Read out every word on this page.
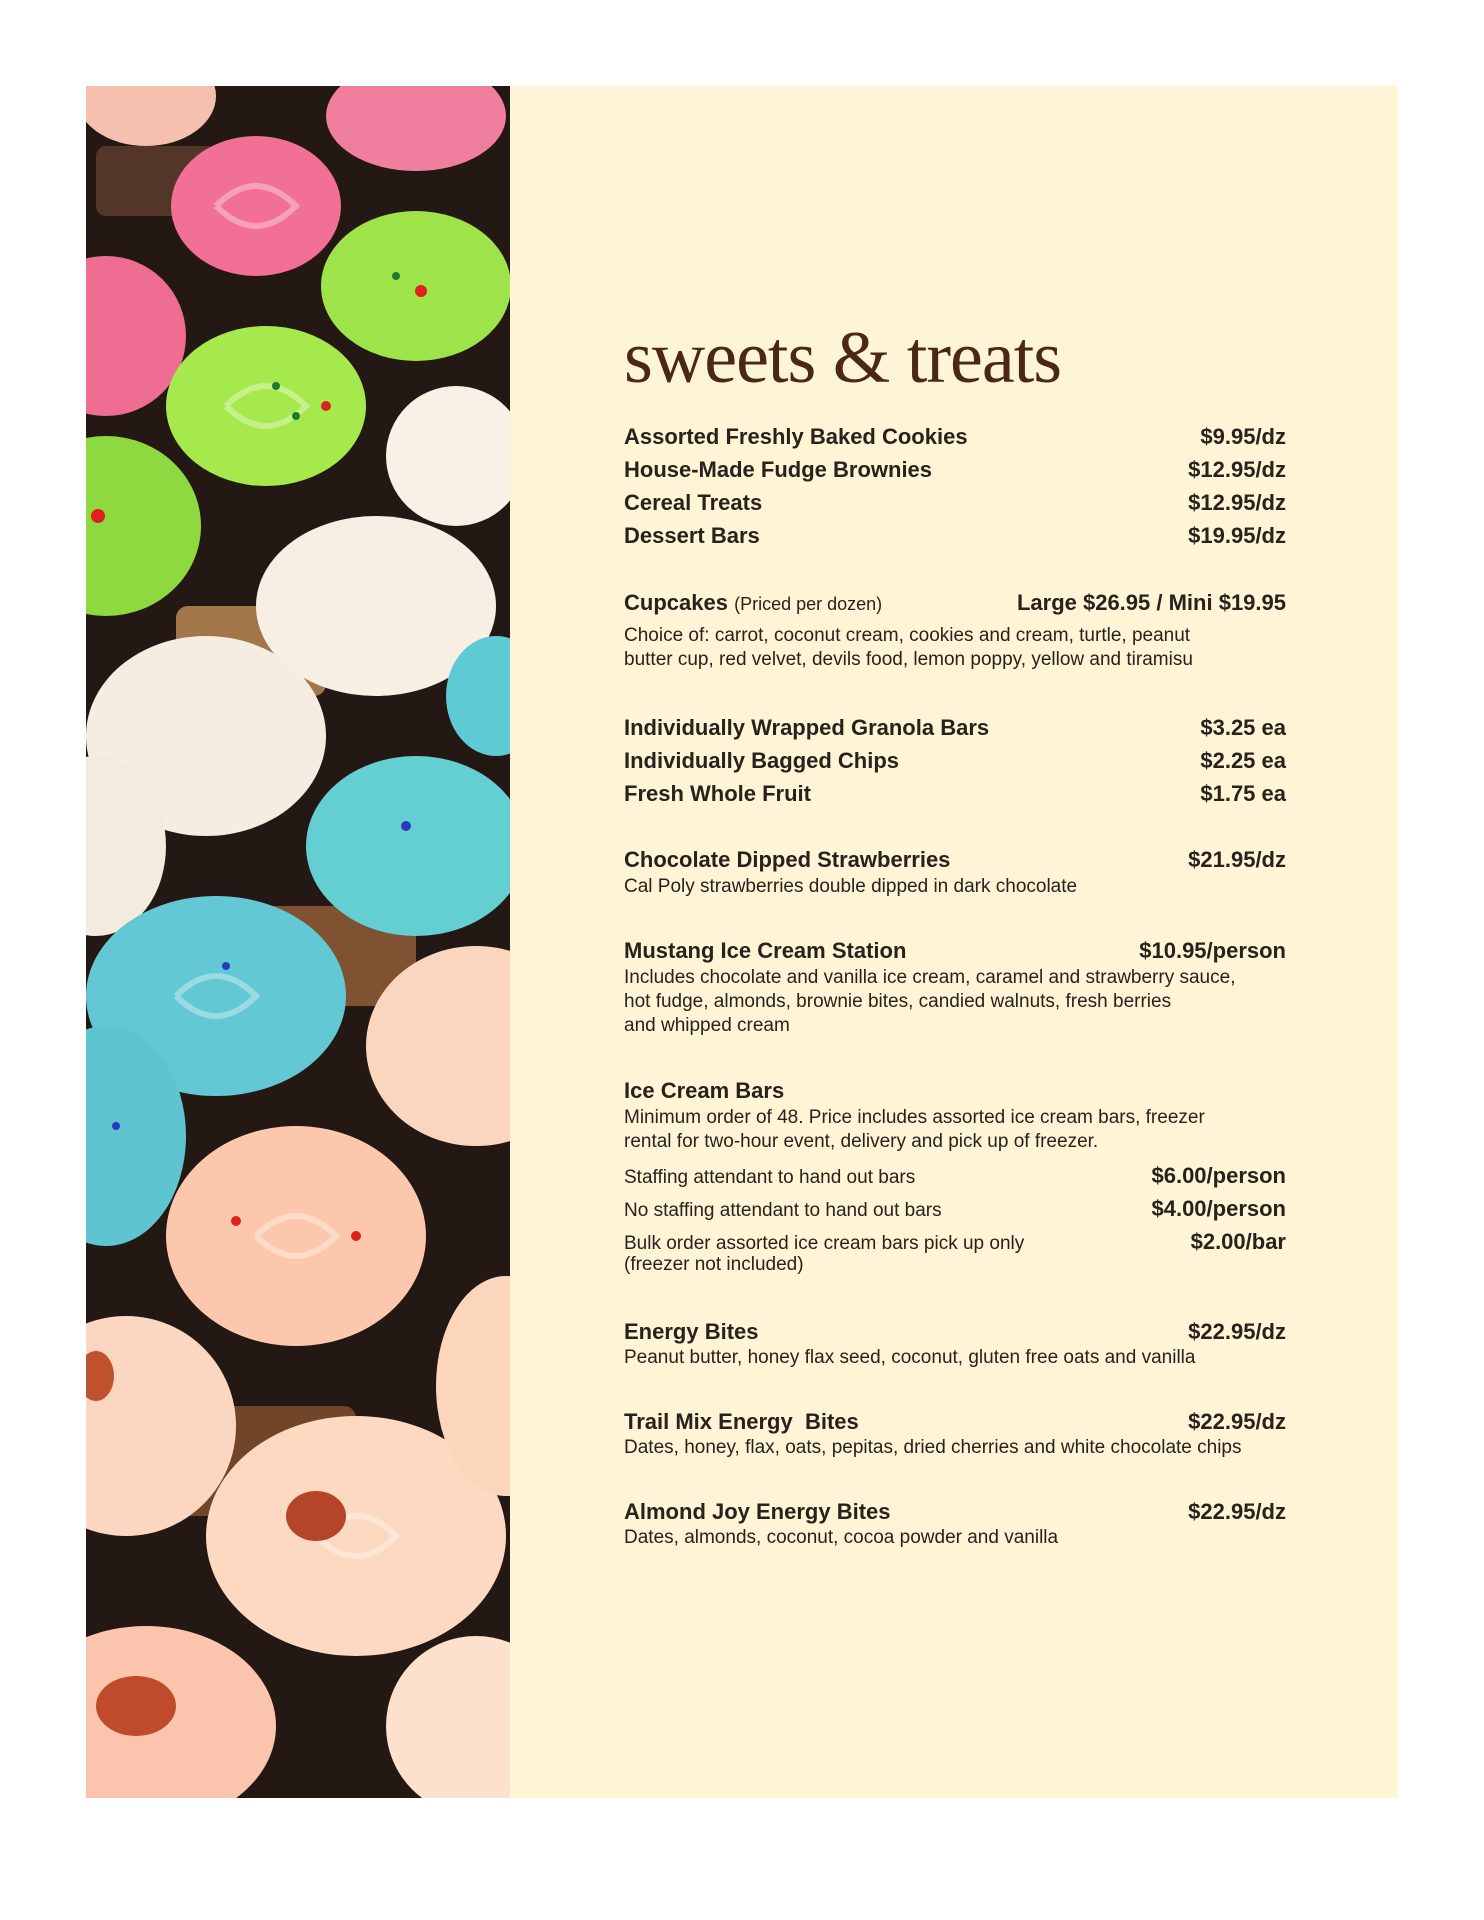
sweets & treats
Assorted Freshly Baked Cookies	$9.95/dz
House-Made Fudge Brownies	$12.95/dz
Cereal Treats	$12.95/dz
Dessert Bars	$19.95/dz
Cupcakes (Priced per dozen)	Large $26.95 / Mini $19.95
Choice of: carrot, coconut cream, cookies and cream, turtle, peanut
butter cup, red velvet, devils food, lemon poppy, yellow and tiramisu
Individually Wrapped Granola Bars	$3.25 ea
Individually Bagged Chips	$2.25 ea
Fresh Whole Fruit	$1.75 ea
Chocolate Dipped Strawberries	$21.95/dz
Cal Poly strawberries double dipped in dark chocolate
Mustang Ice Cream Station	$10.95/person
Includes chocolate and vanilla ice cream, caramel and strawberry sauce,
hot fudge, almonds, brownie bites, candied walnuts, fresh berries
and whipped cream
Ice Cream Bars
Minimum order of 48. Price includes assorted ice cream bars, freezer
rental for two-hour event, delivery and pick up of freezer.
Staffing attendant to hand out bars	$6.00/person
No staffing attendant to hand out bars	$4.00/person
Bulk order assorted ice cream bars pick up only	$2.00/bar
(freezer not included)
Energy Bites	$22.95/dz
Peanut butter, honey flax seed, coconut, gluten free oats and vanilla
Trail Mix Energy  Bites	$22.95/dz
Dates, honey, flax, oats, pepitas, dried cherries and white chocolate chips
Almond Joy Energy Bites	$22.95/dz
Dates, almonds, coconut, cocoa powder and vanilla
